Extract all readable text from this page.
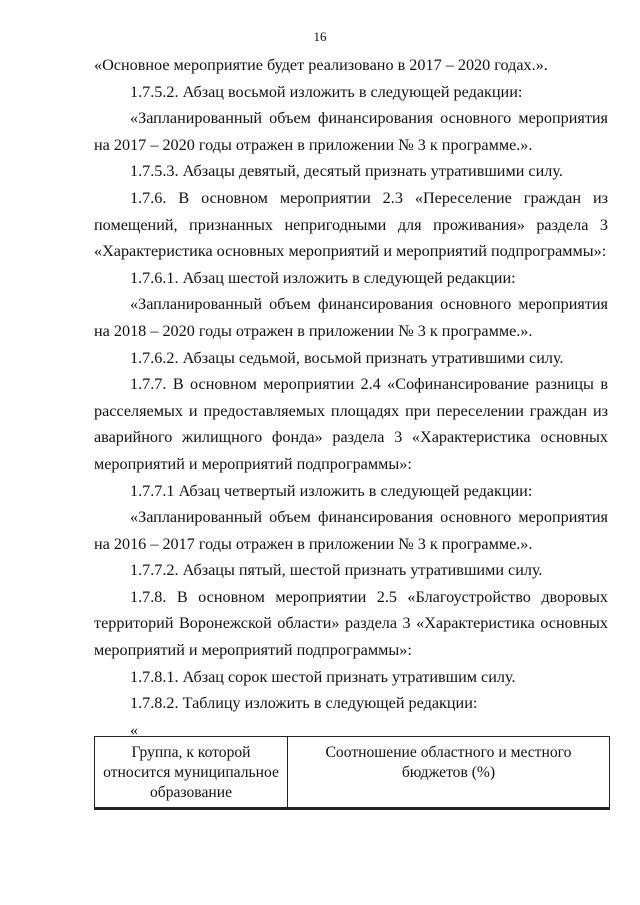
16

«Основное мероприятие будет реализовано в 2017 – 2020 годах.».

1.7.5.2. Абзац восьмой изложить в следующей редакции:

«Запланированный объем финансирования основного мероприятия на 2017 – 2020 годы отражен в приложении № 3 к программе.».

1.7.5.3. Абзацы девятый, десятый признать утратившими силу.

1.7.6. В основном мероприятии 2.3 «Переселение граждан из помещений, признанных непригодными для проживания» раздела 3 «Характеристика основных мероприятий и мероприятий подпрограммы»:

1.7.6.1. Абзац шестой изложить в следующей редакции:

«Запланированный объем финансирования основного мероприятия на 2018 – 2020 годы отражен в приложении № 3 к программе.».

1.7.6.2. Абзацы седьмой, восьмой признать утратившими силу.

1.7.7. В основном мероприятии 2.4 «Софинансирование разницы в расселяемых и предоставляемых площадях при переселении граждан из аварийного жилищного фонда» раздела 3 «Характеристика основных мероприятий и мероприятий подпрограммы»:

1.7.7.1 Абзац четвертый изложить в следующей редакции:

«Запланированный объем финансирования основного мероприятия на 2016 – 2017 годы отражен в приложении № 3 к программе.».

1.7.7.2. Абзацы пятый, шестой признать утратившими силу.

1.7.8. В основном мероприятии 2.5 «Благоустройство дворовых территорий Воронежской области» раздела 3 «Характеристика основных мероприятий и мероприятий подпрограммы»:

1.7.8.1. Абзац сорок шестой признать утратившим силу.

1.7.8.2. Таблицу изложить в следующей редакции:

«

Группа, к которой относится муниципальное образование	Соотношение областного и местного бюджетов (%)
